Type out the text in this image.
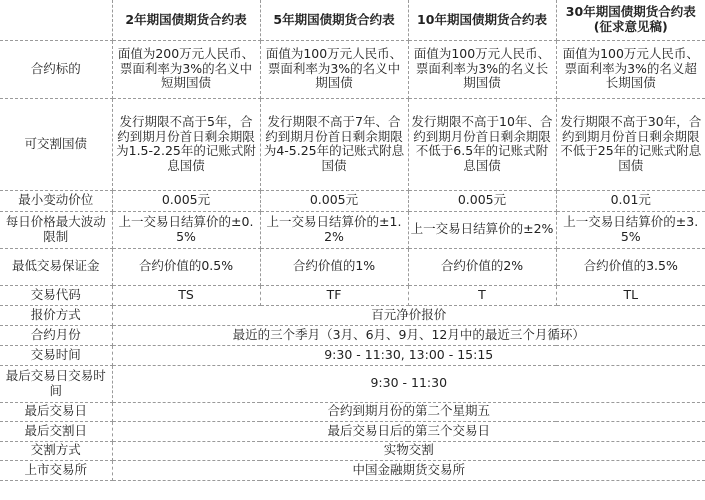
	2年期国债期货合约表	5年期国债期货合约表	10年期国债期货合约表	30年期国债期货合约表(征求意见稿)
合约标的	面值为200万元人民币、票面利率为3%的名义中短期国债	面值为100万元人民币、票面利率为3%的名义中期国债	面值为100万元人民币、票面利率为3%的名义长期国债	面值为100万元人民币、票面利率为3%的名义超长期国债
可交割国债	发行期限不高于5年，合约到期月份首日剩余期限为1.5-2.25年的记账式附息国债	发行期限不高于7年、合约到期月份首日剩余期限为4-5.25年的记账式附息国债	发行期限不高于10年、合约到期月份首日剩余期限不低于6.5年的记账式附息国债	发行期限不高于30年，合约到期月份首日剩余期限不低于25年的记账式附息国债
最小变动价位	0.005元	0.005元	0.005元	0.01元
每日价格最大波动限制	上一交易日结算价的±0.5%	上一交易日结算价的±1.2%	上一交易日结算价的±2%	上一交易日结算价的±3.5%
最低交易保证金	合约价值的0.5%	合约价值的1%	合约价值的2%	合约价值的3.5%
交易代码	TS	TF	T	TL
报价方式	百元净价报价			
合约月份	最近的三个季月（3月、6月、9月、12月中的最近三个月循环）			
交易时间	9:30 - 11:30, 13:00 - 15:15			
最后交易日交易时间	9:30 - 11:30			
最后交易日	合约到期月份的第二个星期五			
最后交割日	最后交易日后的第三个交易日			
交割方式	实物交割			
上市交易所	中国金融期货交易所			
